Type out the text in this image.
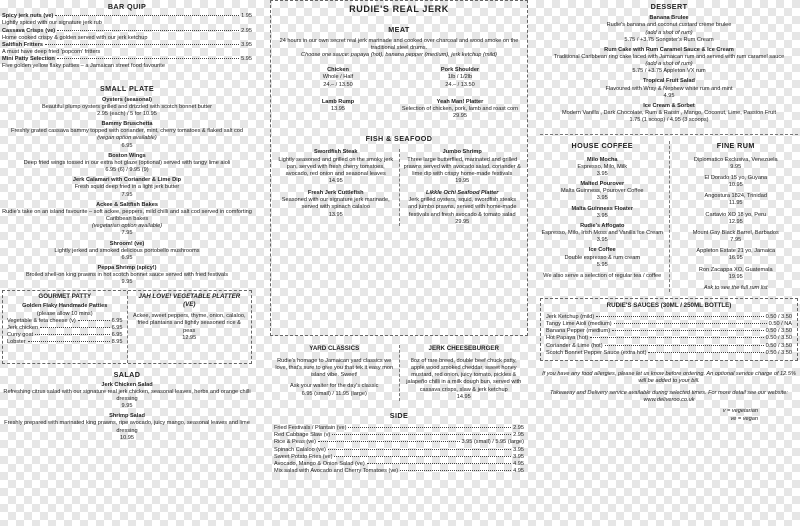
BAR QUIP
Spicy jerk nuts (ve)	1.95
Lightly spiced with our signature jerk rub
Cassava Crisps (ve)	2.95
Home cooked crispy & golden served with our jerk ketchup
Saltfish Fritters	3.95
A must have deep fried 'popcorn' fritters
Mini Patty Selection	5.95
Five golden yellow flaky patties – a Jamaican street food favourite
SMALL PLATE
Oysters (seasonal)
Beautiful plump oysters grilled and drizzled with scotch bonnet butter
2.95 (each) / 5 for 10.95
Bammy Bruschetta
Freshly grated cassava bammy topped with coriander, mint, cherry tomatoes & flaked salt cod
(vegan option available)
6.95
Boston Wings
Deep fried wings tossed in our extra hot glaze (optional) served with tangy lime aioli
6.95 (6) / 9.95 (9)
Jerk Calamari with Coriander & Lime Dip
Fresh squid deep fried in a light jerk butter
7.95
Ackee & Saltfish Bakes
Rudie's take on an island favourite – soft ackee, peppers, mild chilli and salt cod served in comforting Caribbean bakes
(vegetarian option available)
7.95
Shroom! (ve)
Lightly jerked and smoked delicious portobello mushrooms
6.95
Peppa Shrimp (spicy!)
Broiled shell-on king prawns in hot scotch bonnet sauce served with fried festivals
9.95
GOURMET PATTY
Golden Flaky Handmade Patties
(please allow 10 mins)
Vegetable & feta cheese (v)	6.95
Jerk chicken	6.95
Curry goat	6.95
Lobster	8.95
JAH LOVE! VEGETABLE PLATTER (VE)
Ackee, sweet peppers, thyme, onion, calaloo, fried plantains and lightly seasoned rice & peas
12.95
SALAD
Jerk Chicken Salad
Refreshing citrus salad with our signature real jerk chicken, seasonal leaves, herbs and orange chilli dressing
9.95
Shrimp Salad
Freshly prepared with marinated king prawns, ripe avocado, juicy mango, seasonal leaves and lime dressing
10.95
RUDIE'S REAL JERK
MEAT
24 hours in our own secret real jerk marinade and cooked over charcoal and wood smoke on the traditional steel drums.
Choose one sauce: papaya (hot), banana pepper (medium), jerk ketchup (mild)
Chicken
Whole / Half
24.– / 13.50
Pork Shoulder
1lb / 1/2lb
24.– / 13.50
Lamb Rump
13.95
Yeah Man! Platter
Selection of chicken, pork, lamb and roast corn
29.95
FISH & SEAFOOD
Swordfish Steak
Lightly seasoned and grilled on the smoky jerk pan, served with fresh cherry tomatoes, avocado, red onion and seasonal leaves
14.95
Fresh Jerk Cuttlefish
Seasoned with our signature jerk marinade, served with spinach calaloo
13.95
Jumbo Shrimp
Three large butterflied, marinated and grilled prawns served with avocado salad, coriander & lime dip with crispy home-made festivals
19.95
Likkle Ochi Seafood Platter
Jerk grilled oysters, squid, swordfish steaks and jumbo prawns, served with home-made festivals and fresh avocado & tomato salad
29.95
YARD CLASSICS
Rudie's homage to Jamaican yard classics we love, that's sure to give you that tek it easy mon island vibe. Sweet!
Ask your waiter for the day's classic
6.95 (small) / 11.95 (large)
JERK CHEESEBURGER
8oz of rare breed, double beef chuck patty, apple wood smoked cheddar, sweet honey mustard, red onion, juicy tomato, pickles & jalapeño chilli in a milk dough bun, served with cassava crisps, slaw & jerk ketchup
14.95
SIDE
Fried Festivals / Plantain (ve)	2.95
Red Cabbage Slaw (v)	2.95
Rice & Peas (ve)	3.95 (small) / 5.95 (large)
Spinach Calaloo (ve)	3.95
Sweet Potato Fries (ve)	3.95
Avocado, Mango & Onion Salad (ve)	4.95
Mix salad with Avocado and Cherry Tomatoes (ve)	4.95
DESSERT
Banana Brulee
Rudie's banana and coconut custard crème brulee
(add a shot of rum)
5.75 / +3.75 Songster's Rum Cream
Rum Cake with Rum Caramel Sauce & Ice Cream
Traditional Caribbean ring cake laced with Jamaican rum and served with rum caramel sauce
(add a shot of rum)
5.75 / +3.75 Appleton VX rum
Tropical Fruit Salad
Flavoured with Wray & Nephew white rum and mint
4.95
Ice Cream & Sorbet
Modern Vanilla , Dark Chocolate, Rum & Raisin , Mango, Coconut, Lime, Passion Fruit
1.75 (1 scoop) / 4.95 (3 scoops)
HOUSE COFFEE
Milo Mocha
Espresso, Milo, Milk
3.95
Malted Pourover
Malta Guinness, Pourover Coffee
3.95
Malta Guinness Floater
3.95
Rudie's Affogato
Espresso, Milo, Irish Moss and Vanilla Ice Cream
3.95
Ice Coffee
Double espresso & rum cream
5.95
We also serve a selection of regular tea / coffee
FINE RUM
Diplomatico Exclusiva, Venezuela
9.95
El Dorado 15 yo, Guyana
10.95
Angostura 1824, Trinidad
11.95
Cartavio XO 18 yo, Peru
12.95
Mount Gay Black Barrel, Barbados
7.95
Appleton Estate 21 yo, Jamaica
16.95
Ron Zacappa XO, Guatemala
19.95
Ask to see the full rum list
RUDIE'S SAUCES (30ML / 250ML BOTTLE)
Jerk Ketchup (mild)	0.50 / 3.50
Tangy Lime Aioli (medium)	0.50 / NA
Banana Pepper (medium)	0.50 / 3.50
Hot Papaya (hot)	0.50 / 3.50
Coriander & Lime (hot)	0.50 / 3.50
Scotch Bonnet Pepper Sauce (extra hot)	0.50 / 3.50
If you have any food allergies, please let us know before ordering. An optional service charge of 12.5% will be added to your bill.
Takeaway and Delivery service available during selected times. For more detail see our website: www.deliveroo.co.uk
v = vegetarian
ve = vegan
